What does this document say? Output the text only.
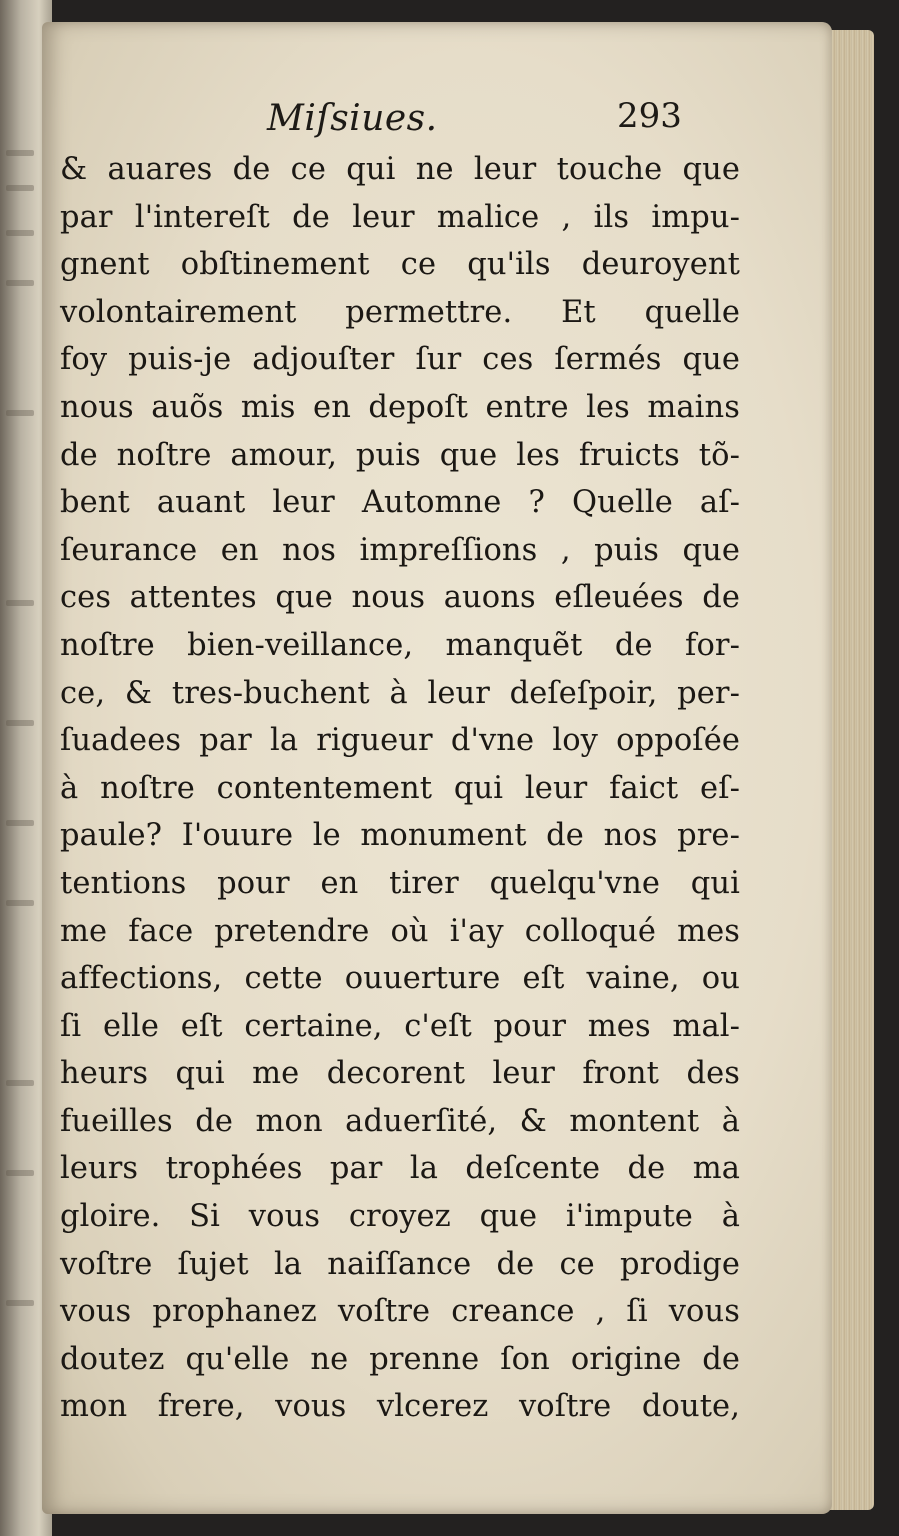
Miſsiues.	293
& auares de ce qui ne leur touche que
par l'intereſt de leur malice , ils impu-
gnent obſtinement ce qu'ils deuroyent
volontairement permettre. Et quelle
foy puis-je adjouſter ſur ces ſermés que
nous auõs mis en depoſt entre les mains
de noſtre amour, puis que les fruicts tõ-
bent auant leur Automne ? Quelle aſ-
ſeurance en nos impreſſions , puis que
ces attentes que nous auons eſleuées de
noſtre bien-veillance, manquẽt de for-
ce, & tres-buchent à leur deſeſpoir, per-
ſuadees par la rigueur d'vne loy oppoſée
à noſtre contentement qui leur faict eſ-
paule? I'ouure le monument de nos pre-
tentions pour en tirer quelqu'vne qui
me face pretendre où i'ay colloqué mes
affections, cette ouuerture eſt vaine, ou
ſi elle eſt certaine, c'eſt pour mes mal-
heurs qui me decorent leur front des
fueilles de mon aduerſité, & montent à
leurs trophées par la deſcente de ma
gloire. Si vous croyez que i'impute à
voſtre ſujet la naiſſance de ce prodige
vous prophanez voſtre creance , ſi vous
doutez qu'elle ne prenne ſon origine de
mon frere, vous vlcerez voſtre doute,
